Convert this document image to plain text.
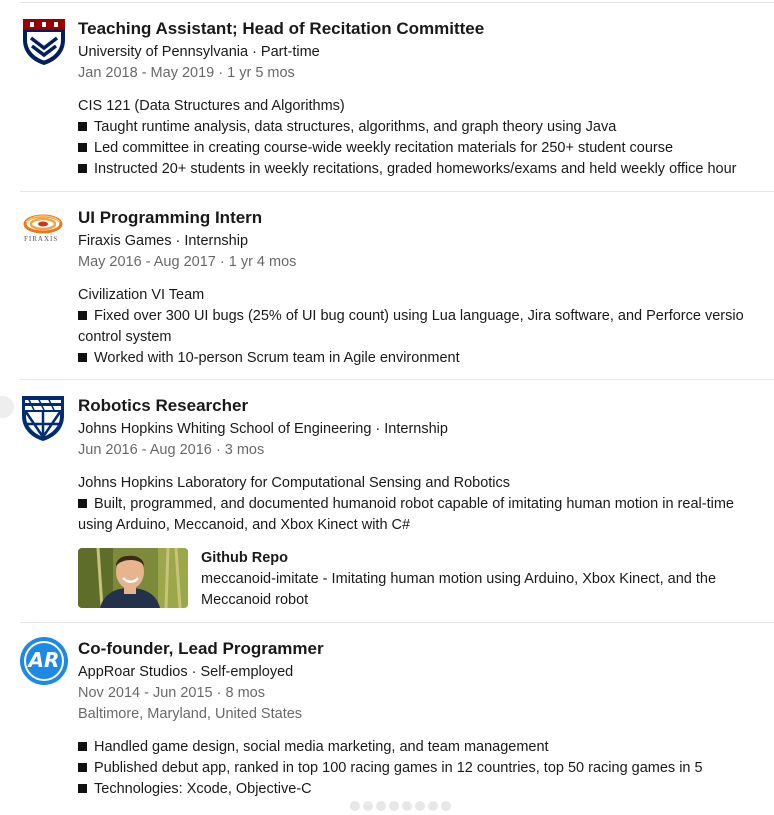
Teaching Assistant; Head of Recitation Committee
University of Pennsylvania · Part-time
Jan 2018 - May 2019 · 1 yr 5 mos
CIS 121 (Data Structures and Algorithms)
Taught runtime analysis, data structures, algorithms, and graph theory using Java
Led committee in creating course-wide weekly recitation materials for 250+ student course
Instructed 20+ students in weekly recitations, graded homeworks/exams and held weekly office hour
FIRAXIS
UI Programming Intern
Firaxis Games · Internship
May 2016 - Aug 2017 · 1 yr 4 mos
Civilization VI Team
Fixed over 300 UI bugs (25% of UI bug count) using Lua language, Jira software, and Perforce versio
control system
Worked with 10-person Scrum team in Agile environment
Robotics Researcher
Johns Hopkins Whiting School of Engineering · Internship
Jun 2016 - Aug 2016 · 3 mos
Johns Hopkins Laboratory for Computational Sensing and Robotics
Built, programmed, and documented humanoid robot capable of imitating human motion in real-time
using Arduino, Meccanoid, and Xbox Kinect with C#
Github Repo
meccanoid-imitate - Imitating human motion using Arduino, Xbox Kinect, and the
Meccanoid robot
AR	Co-founder, Lead Programmer
AppRoar Studios · Self-employed
Nov 2014 - Jun 2015 · 8 mos
Baltimore, Maryland, United States
Handled game design, social media marketing, and team management
Published debut app, ranked in top 100 racing games in 12 countries, top 50 racing games in 5
Technologies: Xcode, Objective-C
